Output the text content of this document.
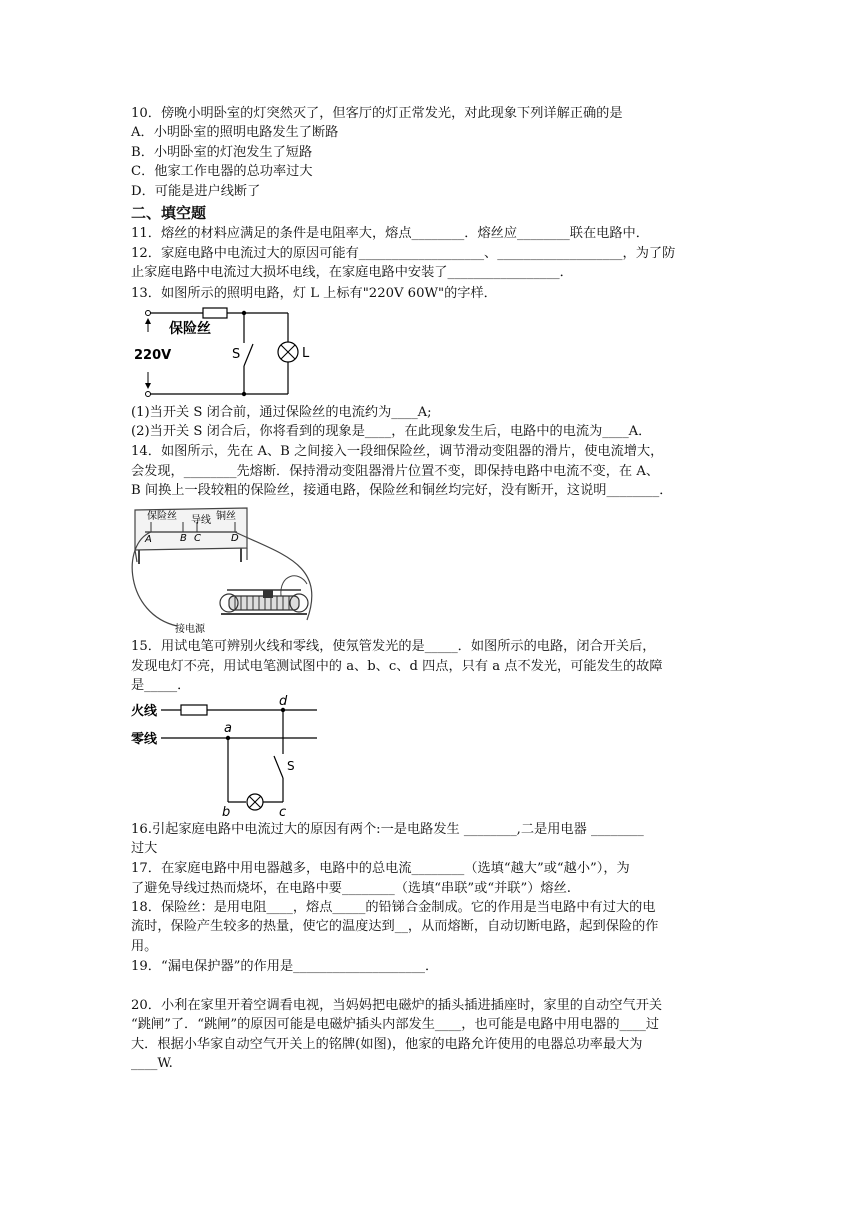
10．傍晚小明卧室的灯突然灭了，但客厅的灯正常发光，对此现象下列详解正确的是
A．小明卧室的照明电路发生了断路
B．小明卧室的灯泡发生了短路
C．他家工作电器的总功率过大
D．可能是进户线断了
二、填空题
11．熔丝的材料应满足的条件是电阻率大，熔点________．熔丝应________联在电路中．
12．家庭电路中电流过大的原因可能有___________________、___________________，为了防
止家庭电路中电流过大损坏电线，在家庭电路中安装了_________________．
13．如图所示的照明电路，灯 L 上标有"220V 60W"的字样．
保险丝
220V	S	L
(1)当开关 S 闭合前，通过保险丝的电流约为____A;
(2)当开关 S 闭合后，你将看到的现象是____，在此现象发生后，电路中的电流为____A．
14．如图所示，先在 A、B 之间接入一段细保险丝，调节滑动变阻器的滑片，使电流增大，
会发现，________先熔断．保持滑动变阻器滑片位置不变，即保持电路中电流不变，在 A、
B 间换上一段较粗的保险丝，接通电路，保险丝和铜丝均完好，没有断开，这说明________．
保险丝 导线 铜丝
A	B C	D
接电源
15．用试电笔可辨别火线和零线，使氖管发光的是_____．如图所示的电路，闭合开关后，
发现电灯不亮，用试电笔测试图中的 a、b、c、d 四点，只有 a 点不发光，可能发生的故障
是_____．
火线
零线
d
a
S
b	c
16.引起家庭电路中电流过大的原因有两个:一是电路发生 ________,二是用电器 ________
过大
17．在家庭电路中用电器越多，电路中的总电流________（选填“越大”或“越小”），为
了避免导线过热而烧坏，在电路中要________（选填“串联”或“并联”）熔丝.
18．保险丝：是用电阻____，熔点_____的铅锑合金制成。它的作用是当电路中有过大的电
流时，保险产生较多的热量，使它的温度达到__，从而熔断，自动切断电路，起到保险的作
用。
19．“漏电保护器”的作用是____________________．
20．小利在家里开着空调看电视，当妈妈把电磁炉的插头插进插座时，家里的自动空气开关
“跳闸”了．“跳闸”的原因可能是电磁炉插头内部发生____，也可能是电路中用电器的____过
大．根据小华家自动空气开关上的铭牌(如图)，他家的电路允许使用的电器总功率最大为
____W.
